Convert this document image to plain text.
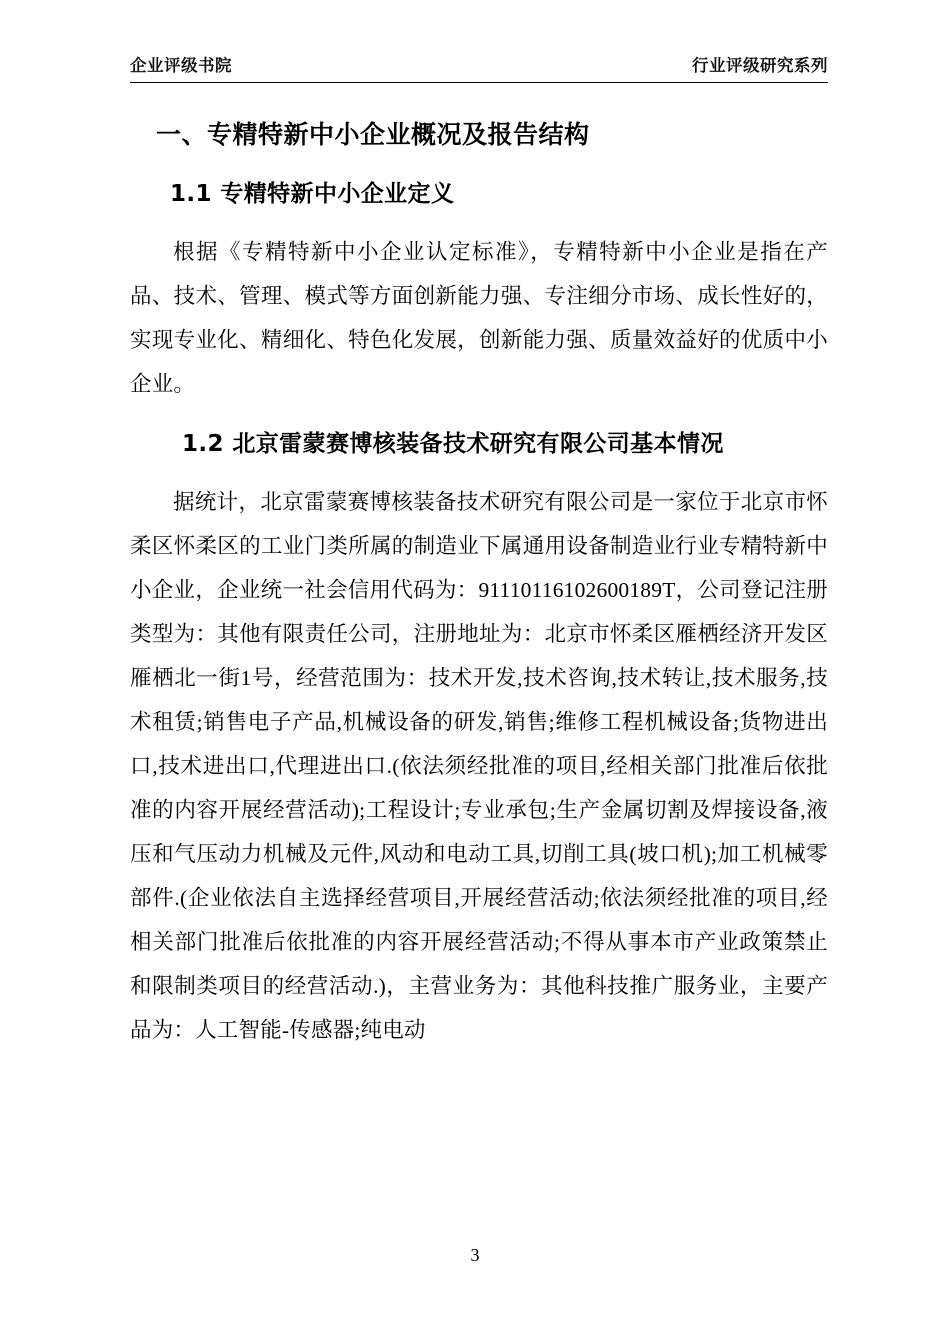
企业评级书院	行业评级研究系列
一、专精特新中小企业概况及报告结构
1.1 专精特新中小企业定义

根据《专精特新中小企业认定标准》，专精特新中小企业是指在产品、技术、管理、模式等方面创新能力强、专注细分市场、成长性好的，实现专业化、精细化、特色化发展，创新能力强、质量效益好的优质中小企业。

1.2 北京雷蒙赛博核装备技术研究有限公司基本情况

据统计，北京雷蒙赛博核装备技术研究有限公司是一家位于北京市怀柔区怀柔区的工业门类所属的制造业下属通用设备制造业行业专精特新中小企业，企业统一社会信用代码为：91110116102600189T，公司登记注册类型为：其他有限责任公司，注册地址为：北京市怀柔区雁栖经济开发区雁栖北一街1号，经营范围为：技术开发,技术咨询,技术转让,技术服务,技术租赁;销售电子产品,机械设备的研发,销售;维修工程机械设备;货物进出口,技术进出口,代理进出口.(依法须经批准的项目,经相关部门批准后依批准的内容开展经营活动);工程设计;专业承包;生产金属切割及焊接设备,液压和气压动力机械及元件,风动和电动工具,切削工具(坡口机);加工机械零部件.(企业依法自主选择经营项目,开展经营活动;依法须经批准的项目,经相关部门批准后依批准的内容开展经营活动;不得从事本市产业政策禁止和限制类项目的经营活动.)，主营业务为：其他科技推广服务业，主要产品为：人工智能-传感器;纯电动

3
